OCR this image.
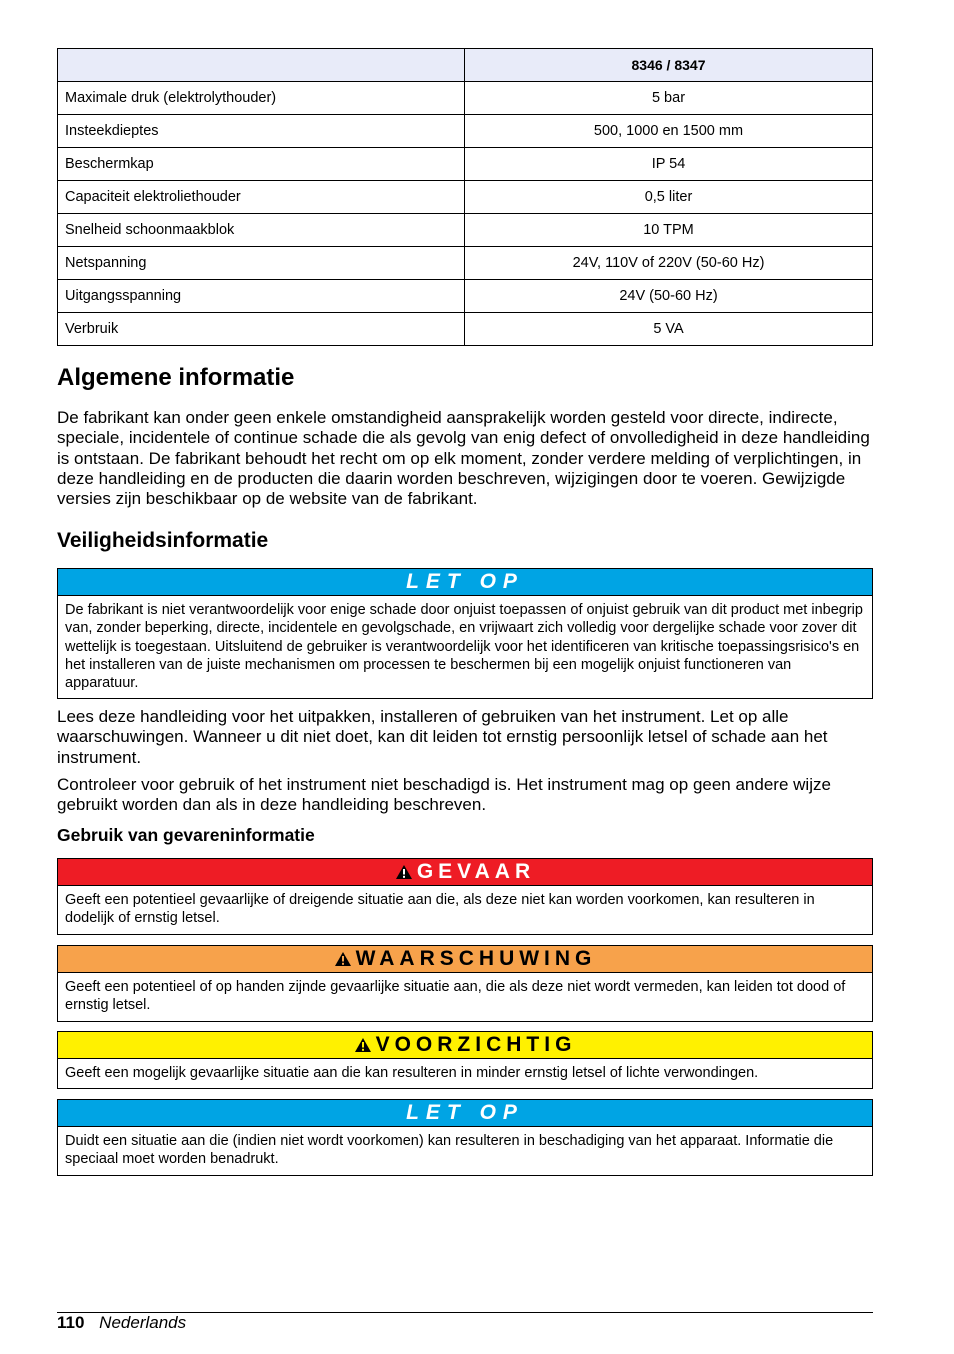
	8346 / 8347
Maximale druk (elektrolythouder)	5 bar
Insteekdieptes	500, 1000 en 1500 mm
Beschermkap	IP 54
Capaciteit elektroliethouder	0,5 liter
Snelheid schoonmaakblok	10 TPM
Netspanning	24V, 110V of 220V (50-60 Hz)
Uitgangsspanning	24V (50-60 Hz)
Verbruik	5 VA
Algemene informatie

De fabrikant kan onder geen enkele omstandigheid aansprakelijk worden gesteld voor directe, indirecte, speciale, incidentele of continue schade die als gevolg van enig defect of onvolledigheid in deze handleiding is ontstaan. De fabrikant behoudt het recht om op elk moment, zonder verdere melding of verplichtingen, in deze handleiding en de producten die daarin worden beschreven, wijzigingen door te voeren. Gewijzigde versies zijn beschikbaar op de website van de fabrikant.

Veiligheidsinformatie
LET OP
De fabrikant is niet verantwoordelijk voor enige schade door onjuist toepassen of onjuist gebruik van dit product met inbegrip van, zonder beperking, directe, incidentele en gevolgschade, en vrijwaart zich volledig voor dergelijke schade voor zover dit wettelijk is toegestaan. Uitsluitend de gebruiker is verantwoordelijk voor het identificeren van kritische toepassingsrisico's en het installeren van de juiste mechanismen om processen te beschermen bij een mogelijk onjuist functioneren van apparatuur.

Lees deze handleiding voor het uitpakken, installeren of gebruiken van het instrument. Let op alle waarschuwingen. Wanneer u dit niet doet, kan dit leiden tot ernstig persoonlijk letsel of schade aan het instrument.

Controleer voor gebruik of het instrument niet beschadigd is. Het instrument mag op geen andere wijze gebruikt worden dan als in deze handleiding beschreven.

Gebruik van gevareninformatie
GEVAAR
Geeft een potentieel gevaarlijke of dreigende situatie aan die, als deze niet kan worden voorkomen, kan resulteren in dodelijk of ernstig letsel.
WAARSCHUWING
Geeft een potentieel of op handen zijnde gevaarlijke situatie aan, die als deze niet wordt vermeden, kan leiden tot dood of ernstig letsel.
VOORZICHTIG
Geeft een mogelijk gevaarlijke situatie aan die kan resulteren in minder ernstig letsel of lichte verwondingen.
LET OP
Duidt een situatie aan die (indien niet wordt voorkomen) kan resulteren in beschadiging van het apparaat. Informatie die speciaal moet worden benadrukt.
110 Nederlands
